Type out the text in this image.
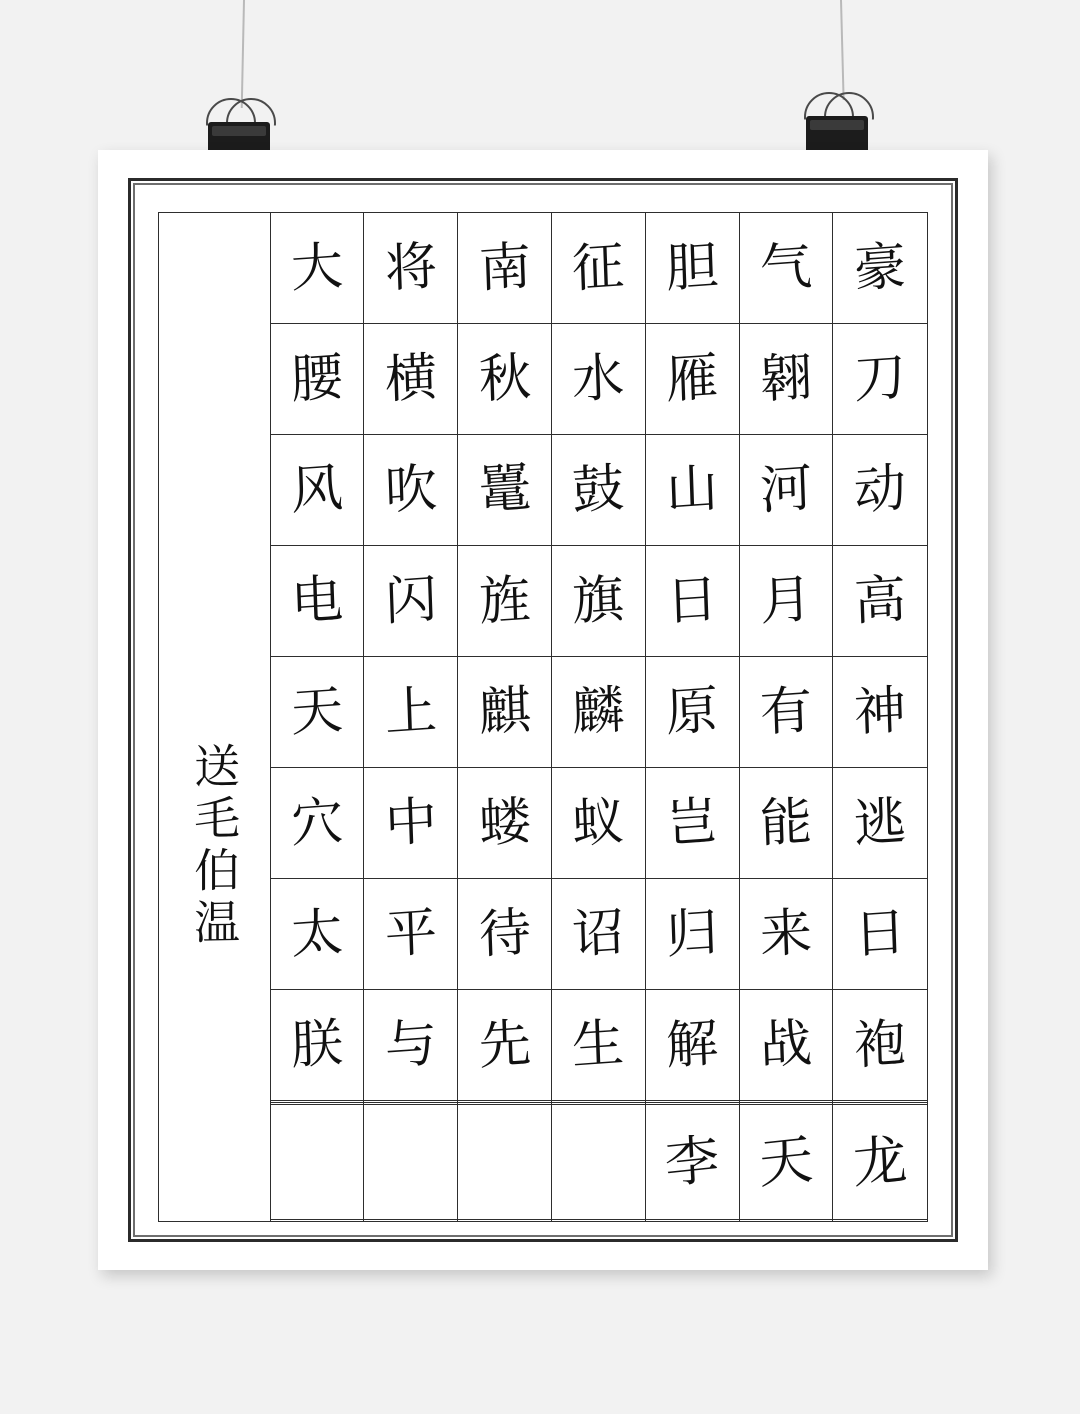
送毛伯温	大	将	南	征	胆	气	豪
	腰	横	秋	水	雁	翱	刀
	风	吹	鼍	鼓	山	河	动
	电	闪	旌	旗	日	月	高
	天	上	麒	麟	原	有	神
	穴	中	蝼	蚁	岂	能	逃
	太	平	待	诏	归	来	日
	朕	与	先	生	解	战	袍

					李	天	龙
